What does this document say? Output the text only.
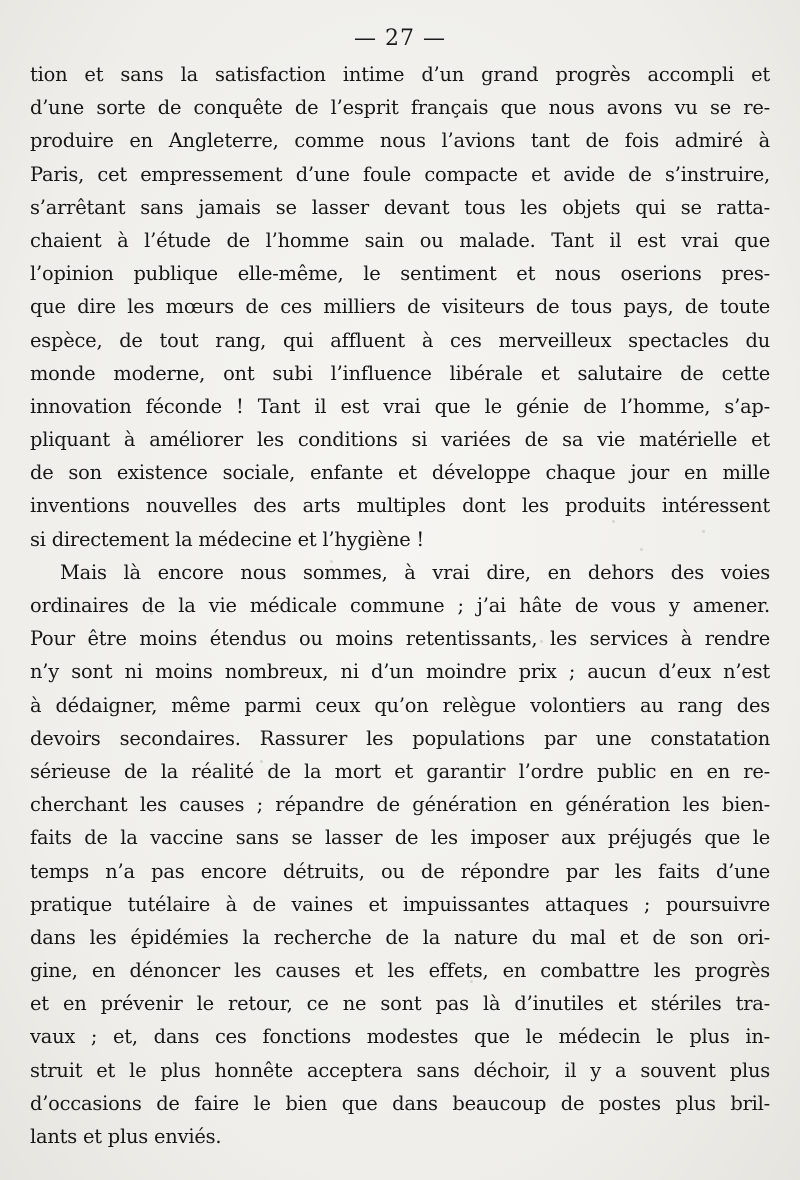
— 27 —
tion et sans la satisfaction intime d’un grand progrès accompli et
d’une sorte de conquête de l’esprit français que nous avons vu se re-
produire en Angleterre, comme nous l’avions tant de fois admiré à
Paris, cet empressement d’une foule compacte et avide de s’instruire,
s’arrêtant sans jamais se lasser devant tous les objets qui se ratta-
chaient à l’étude de l’homme sain ou malade. Tant il est vrai que
l’opinion publique elle-même, le sentiment et nous oserions pres-
que dire les mœurs de ces milliers de visiteurs de tous pays, de toute
espèce, de tout rang, qui affluent à ces merveilleux spectacles du
monde moderne, ont subi l’influence libérale et salutaire de cette
innovation féconde ! Tant il est vrai que le génie de l’homme, s’ap-
pliquant à améliorer les conditions si variées de sa vie matérielle et
de son existence sociale, enfante et développe chaque jour en mille
inventions nouvelles des arts multiples dont les produits intéressent
si directement la médecine et l’hygiène !
Mais là encore nous sommes, à vrai dire, en dehors des voies
ordinaires de la vie médicale commune ; j’ai hâte de vous y amener.
Pour être moins étendus ou moins retentissants, les services à rendre
n’y sont ni moins nombreux, ni d’un moindre prix ; aucun d’eux n’est
à dédaigner, même parmi ceux qu’on relègue volontiers au rang des
devoirs secondaires. Rassurer les populations par une constatation
sérieuse de la réalité de la mort et garantir l’ordre public en en re-
cherchant les causes ; répandre de génération en génération les bien-
faits de la vaccine sans se lasser de les imposer aux préjugés que le
temps n’a pas encore détruits, ou de répondre par les faits d’une
pratique tutélaire à de vaines et impuissantes attaques ; poursuivre
dans les épidémies la recherche de la nature du mal et de son ori-
gine, en dénoncer les causes et les effets, en combattre les progrès
et en prévenir le retour, ce ne sont pas là d’inutiles et stériles tra-
vaux ; et, dans ces fonctions modestes que le médecin le plus in-
struit et le plus honnête acceptera sans déchoir, il y a souvent plus
d’occasions de faire le bien que dans beaucoup de postes plus bril-
lants et plus enviés.
